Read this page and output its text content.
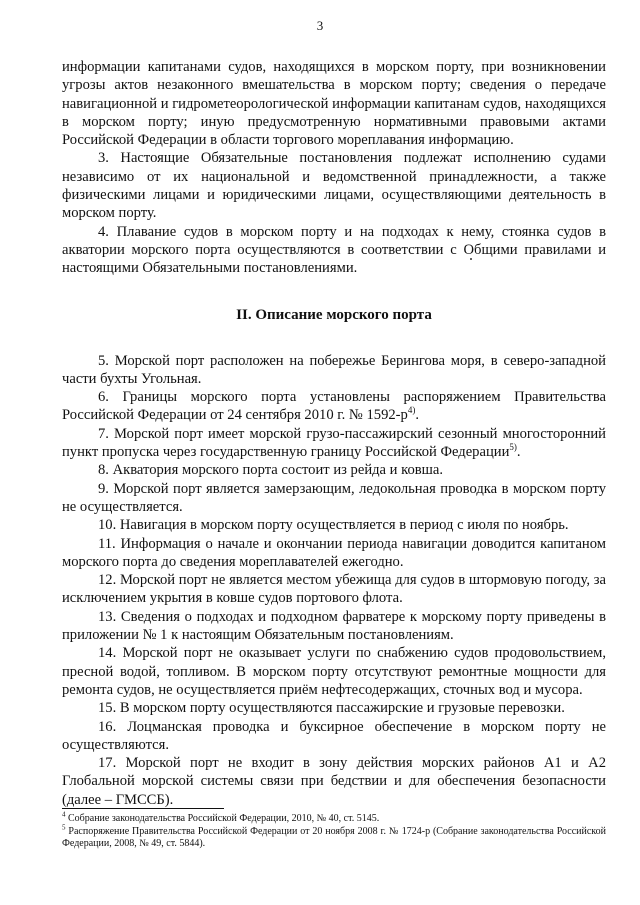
3

информации капитанами судов, находящихся в морском порту, при возникновении угрозы актов незаконного вмешательства в морском порту; сведения о передаче навигационной и гидрометеорологической информации капитанам судов, находящихся в морском порту; иную предусмотренную нормативными правовыми актами Российской Федерации в области торгового мореплавания информацию.

3. Настоящие Обязательные постановления подлежат исполнению судами независимо от их национальной и ведомственной принадлежности, а также физическими лицами и юридическими лицами, осуществляющими деятельность в морском порту.

4. Плавание судов в морском порту и на подходах к нему, стоянка судов в акватории морского порта осуществляются в соответствии с Общими правилами и настоящими Обязательными постановлениями.

II. Описание морского порта

5. Морской порт расположен на побережье Берингова моря, в северо-западной части бухты Угольная.

6. Границы морского порта установлены распоряжением Правительства Российской Федерации от 24 сентября 2010 г. № $1592-р^{4)}$.

7. Морской порт имеет морской грузо-пассажирский сезонный многосторонний пункт пропуска через государственную границу Российской Федерации$^{5)}$.

8. Акватория морского порта состоит из рейда и ковша.

9. Морской порт является замерзающим, ледокольная проводка в морском порту не осуществляется.

10. Навигация в морском порту осуществляется в период с июля по ноябрь.

11. Информация о начале и окончании периода навигации доводится капитаном морского порта до сведения мореплавателей ежегодно.

12. Морской порт не является местом убежища для судов в штормовую погоду, за исключением укрытия в ковше судов портового флота.

13. Сведения о подходах и подходном фарватере к морскому порту приведены в приложении № 1 к настоящим Обязательным постановлениям.

14. Морской порт не оказывает услуги по снабжению судов продовольствием, пресной водой, топливом. В морском порту отсутствуют ремонтные мощности для ремонта судов, не осуществляется приём нефтесодержащих, сточных вод и мусора.

15. В морском порту осуществляются пассажирские и грузовые перевозки.

16. Лоцманская проводка и буксирное обеспечение в морском порту не осуществляются.

17. Морской порт не входит в зону действия морских районов А1 и А2 Глобальной морской системы связи при бедствии и для обеспечения безопасности (далее – ГМССБ).

$^4$ Собрание законодательства Российской Федерации, 2010, № 40, ст. 5145.

$^5$ Распоряжение Правительства Российской Федерации от 20 ноября 2008 г. № 1724-р (Собрание законодательства Российской Федерации, 2008, № 49, ст. 5844).
